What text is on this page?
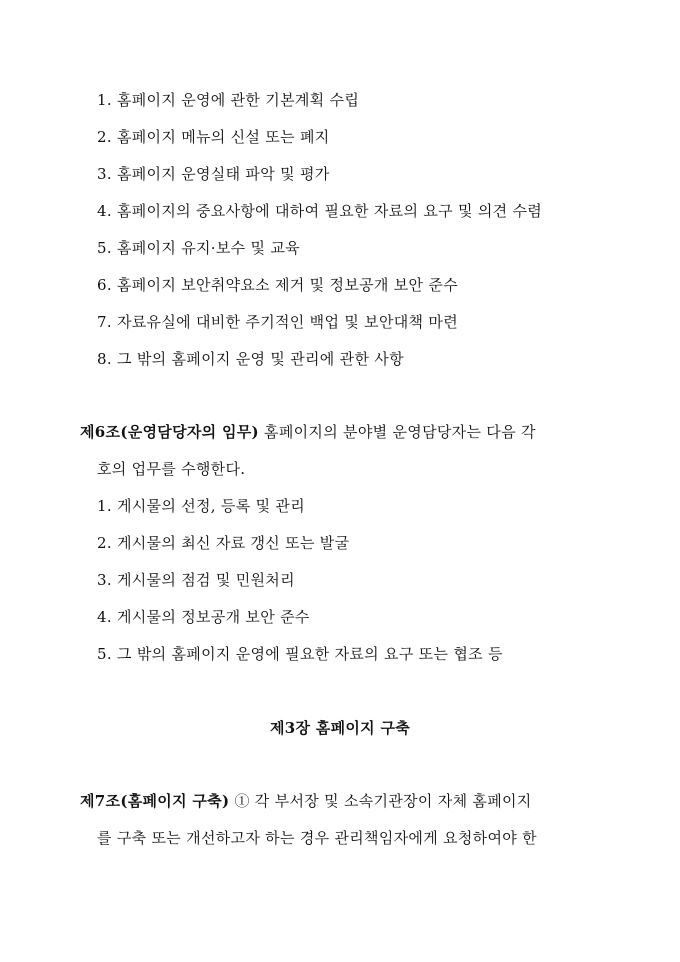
1. 홈페이지 운영에 관한 기본계획 수립
2. 홈페이지 메뉴의 신설 또는 폐지
3. 홈페이지 운영실태 파악 및 평가
4. 홈페이지의 중요사항에 대하여 필요한 자료의 요구 및 의견 수렴
5. 홈페이지 유지·보수 및 교육
6. 홈페이지 보안취약요소 제거 및 정보공개 보안 준수
7. 자료유실에 대비한 주기적인 백업 및 보안대책 마련
8. 그 밖의 홈페이지 운영 및 관리에 관한 사항
제6조(운영담당자의 임무) 홈페이지의 분야별 운영담당자는 다음 각
호의 업무를 수행한다.
1. 게시물의 선정, 등록 및 관리
2. 게시물의 최신 자료 갱신 또는 발굴
3. 게시물의 점검 및 민원처리
4. 게시물의 정보공개 보안 준수
5. 그 밖의 홈페이지 운영에 필요한 자료의 요구 또는 협조 등
제3장 홈페이지 구축
제7조(홈페이지 구축) ① 각 부서장 및 소속기관장이 자체 홈페이지
를 구축 또는 개선하고자 하는 경우 관리책임자에게 요청하여야 한
